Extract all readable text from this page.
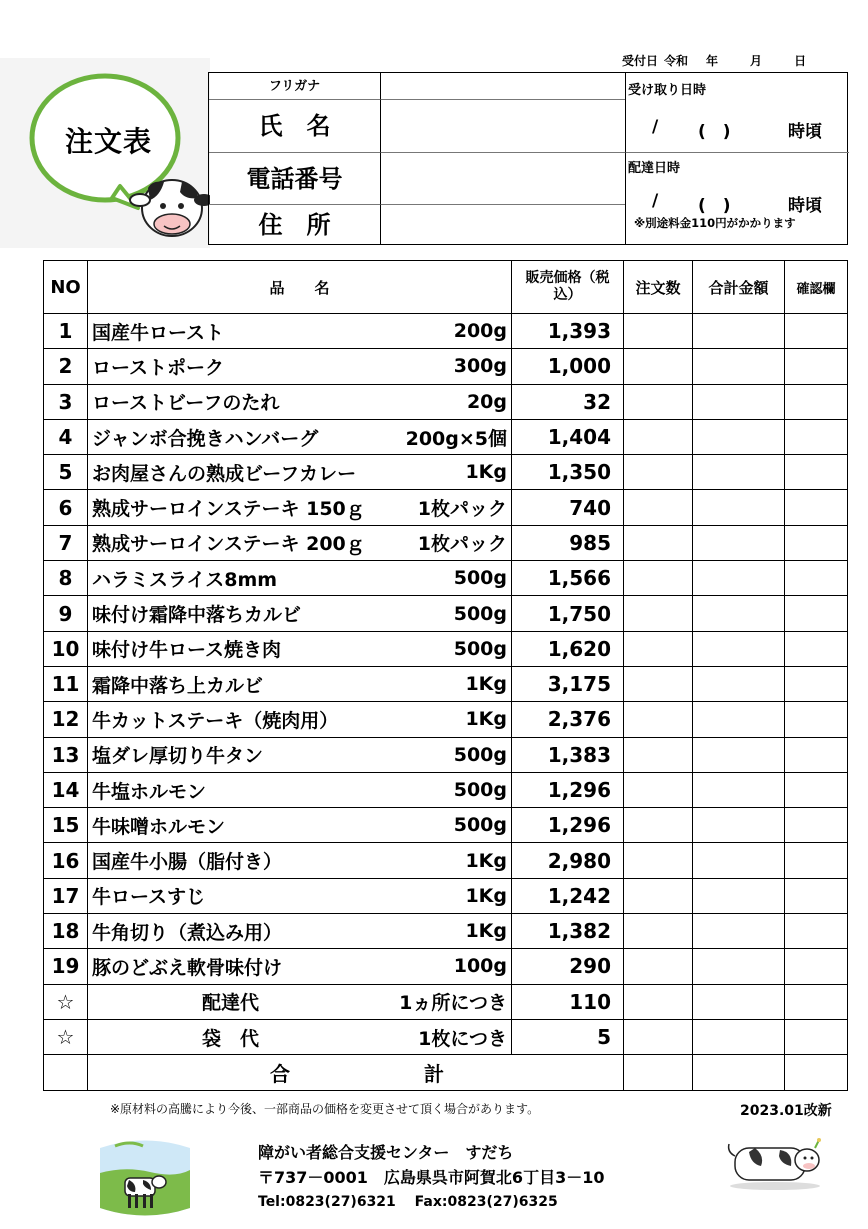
受付日 令和 年	月	日
注文表
フリガナ
氏　名
電話番号
住　所
受け取り日時
/ (　)	時頃
配達日時
/ (　)	時頃
※別途料金110円がかかります
NO	品　　名	販売価格（税込）	注文数	合計金額	確認欄
1	国産牛ロースト 200g	1,393			
2	ローストポーク 300g	1,000			
3	ローストビーフのたれ 20g	32			
4	ジャンボ合挽きハンバーグ 200g×5個	1,404			
5	お肉屋さんの熟成ビーフカレー 1Kg	1,350			
6	熟成サーロインステーキ 150ｇ 1枚パック	740			
7	熟成サーロインステーキ 200ｇ 1枚パック	985			
8	ハラミスライス8mm 500g	1,566			
9	味付け霜降中落ちカルビ 500g	1,750			
10	味付け牛ロース焼き肉 500g	1,620			
11	霜降中落ち上カルビ 1Kg	3,175			
12	牛カットステーキ（焼肉用） 1Kg	2,376			
13	塩ダレ厚切り牛タン 500g	1,383			
14	牛塩ホルモン 500g	1,296			
15	牛味噌ホルモン 500g	1,296			
16	国産牛小腸（脂付き） 1Kg	2,980			
17	牛ロースすじ 1Kg	1,242			
18	牛角切り（煮込み用） 1Kg	1,382			
19	豚のどぶえ軟骨味付け 100g	290			
☆	配達代 1ヵ所につき	110			
☆	袋　代 1枚につき	5			
	合 計				
※原材料の高騰により今後、一部商品の価格を変更させて頂く場合があります。	2023.01改新
障がい者総合支援センター　すだち
〒737－0001　広島県呉市阿賀北6丁目3－10
Tel:0823(27)6321　 Fax:0823(27)6325
